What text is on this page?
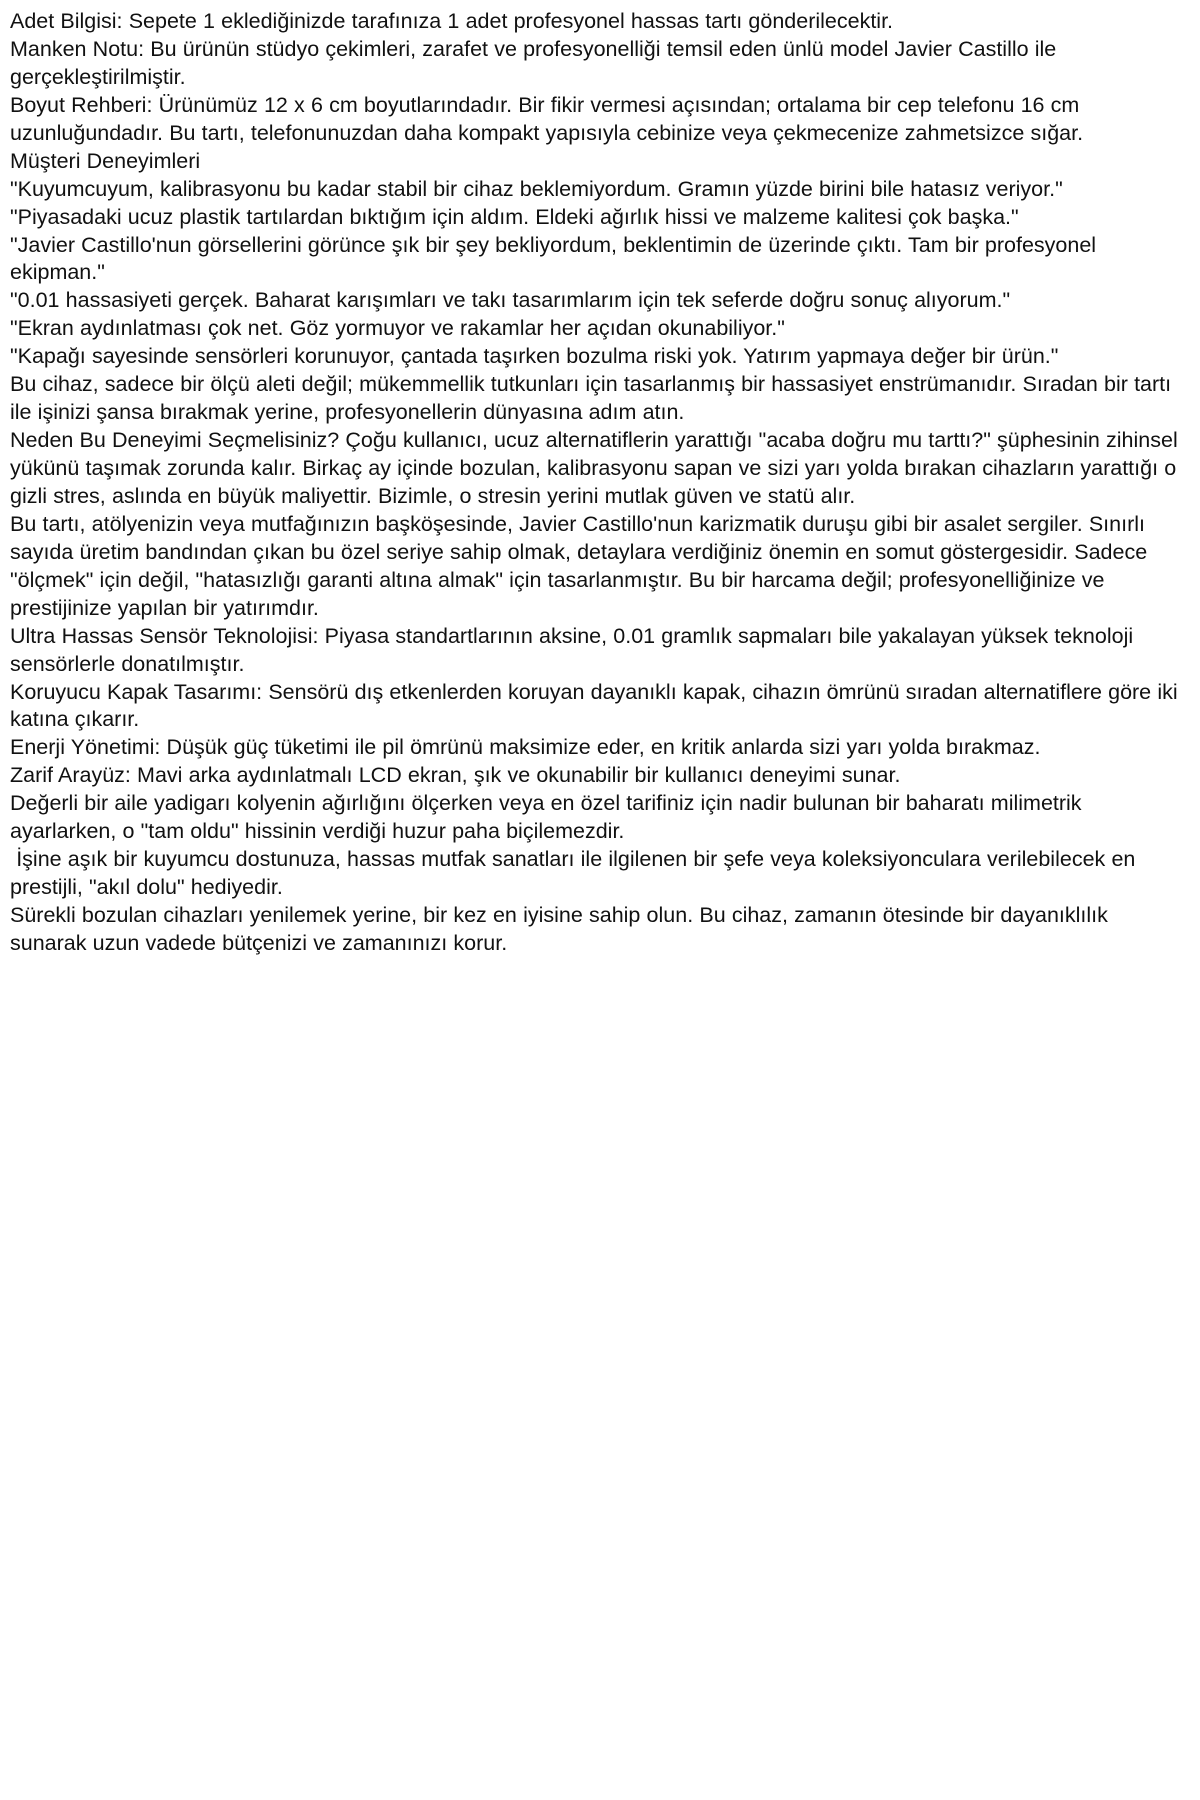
Adet Bilgisi: Sepete 1 eklediğinizde tarafınıza 1 adet profesyonel hassas tartı gönderilecektir.

Manken Notu: Bu ürünün stüdyo çekimleri, zarafet ve profesyonelliği temsil eden ünlü model Javier Castillo ile gerçekleştirilmiştir.

Boyut Rehberi: Ürünümüz 12 x 6 cm boyutlarındadır. Bir fikir vermesi açısından; ortalama bir cep telefonu 16 cm uzunluğundadır. Bu tartı, telefonunuzdan daha kompakt yapısıyla cebinize veya çekmecenize zahmetsizce sığar.

Müşteri Deneyimleri

"Kuyumcuyum, kalibrasyonu bu kadar stabil bir cihaz beklemiyordum. Gramın yüzde birini bile hatasız veriyor."

"Piyasadaki ucuz plastik tartılardan bıktığım için aldım. Eldeki ağırlık hissi ve malzeme kalitesi çok başka."

"Javier Castillo'nun görsellerini görünce şık bir şey bekliyordum, beklentimin de üzerinde çıktı. Tam bir profesyonel ekipman."

"0.01 hassasiyeti gerçek. Baharat karışımları ve takı tasarımlarım için tek seferde doğru sonuç alıyorum."

"Ekran aydınlatması çok net. Göz yormuyor ve rakamlar her açıdan okunabiliyor."

"Kapağı sayesinde sensörleri korunuyor, çantada taşırken bozulma riski yok. Yatırım yapmaya değer bir ürün."

Bu cihaz, sadece bir ölçü aleti değil; mükemmellik tutkunları için tasarlanmış bir hassasiyet enstrümanıdır. Sıradan bir tartı ile işinizi şansa bırakmak yerine, profesyonellerin dünyasına adım atın.

Neden Bu Deneyimi Seçmelisiniz? Çoğu kullanıcı, ucuz alternatiflerin yarattığı "acaba doğru mu tarttı?" şüphesinin zihinsel yükünü taşımak zorunda kalır. Birkaç ay içinde bozulan, kalibrasyonu sapan ve sizi yarı yolda bırakan cihazların yarattığı o gizli stres, aslında en büyük maliyettir. Bizimle, o stresin yerini mutlak güven ve statü alır.

Bu tartı, atölyenizin veya mutfağınızın başköşesinde, Javier Castillo'nun karizmatik duruşu gibi bir asalet sergiler. Sınırlı sayıda üretim bandından çıkan bu özel seriye sahip olmak, detaylara verdiğiniz önemin en somut göstergesidir. Sadece "ölçmek" için değil, "hatasızlığı garanti altına almak" için tasarlanmıştır. Bu bir harcama değil; profesyonelliğinize ve prestijinize yapılan bir yatırımdır.

Ultra Hassas Sensör Teknolojisi: Piyasa standartlarının aksine, 0.01 gramlık sapmaları bile yakalayan yüksek teknoloji sensörlerle donatılmıştır.

Koruyucu Kapak Tasarımı: Sensörü dış etkenlerden koruyan dayanıklı kapak, cihazın ömrünü sıradan alternatiflere göre iki katına çıkarır.

Enerji Yönetimi: Düşük güç tüketimi ile pil ömrünü maksimize eder, en kritik anlarda sizi yarı yolda bırakmaz.

Zarif Arayüz: Mavi arka aydınlatmalı LCD ekran, şık ve okunabilir bir kullanıcı deneyimi sunar.

Değerli bir aile yadigarı kolyenin ağırlığını ölçerken veya en özel tarifiniz için nadir bulunan bir baharatı milimetrik ayarlarken, o "tam oldu" hissinin verdiği huzur paha biçilemezdir.

İşine aşık bir kuyumcu dostunuza, hassas mutfak sanatları ile ilgilenen bir şefe veya koleksiyonculara verilebilecek en prestijli, "akıl dolu" hediyedir.

Sürekli bozulan cihazları yenilemek yerine, bir kez en iyisine sahip olun. Bu cihaz, zamanın ötesinde bir dayanıklılık sunarak uzun vadede bütçenizi ve zamanınızı korur.
